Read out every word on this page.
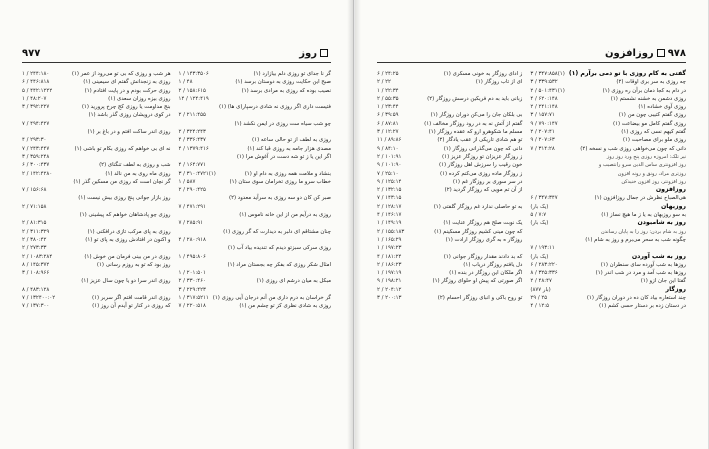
۹۷۷	روز
گر نا جدای تو روزی دلم بیازارد (۱)
۱ / ۱۴۳:۳۵۰۶
صبح این حکایت روزی به دوستان برسد (۱)
۱ / ۴۸
نصیب بوده که روزی به مرادی برسد (۱)
۲ / ۱۵۸:۶۱۵
۱۴ / ۱۲۴:۴۱۹
فتیست داری اگر روزی نه شادی درسپار(ی ها) (۱)
۲ / ۲۱۱:۴۵۵
چو شب سیاه ست روزی در ایمن نکشد (۱)
۲ / ۳۲۴:۲۴۳
روزی به لطف از تو حالی ساعه (۱)
۴ / ۳۳۶:۴۳۷
مصدی هزار جامه به روزی قبا کند (۱)
۴ / ۱۳۷۹:۴۱۶
اگر این یا ز تو شه دست در آغوش مرا (۱)
۴ / ۱۶۴:۷۷۱
بنشاد و ملامت همه روزی به دام او (۱)
۳ / ۳۱۰:۴۷۲۱(۱)
خطاب سرو ما روزی تخرامان سوی ستان (۱)
۱ / ۵۸۷
۲ / ۲۹۰:۴۲۵
صبر کن کان دو سه روزی به سرآید معدود (۲)
۷ / ۴۷۱:۲۹۱
روزی به درآیم من از این خانه ناموس (۱)
۷ / ۲۸۵:۹۱
چنان مشتاقم ای دلبر به دیدارت که گر روزی (۱)
۴ / ۲۸۰:۹۱۸
روزی سرکی سبزتو دیدم که تندیده بیاد آب (۱)
۱ / ۴۹۵:۸۰۶
امثال شکر روزی که بفکر چه بجستان مراد (۱)
۱ / ۲۰۱:۵۰۱
مبکل به میان درشم ای روزی (۱)
۲ / ۳۳۰:۴۶۰
۳ / ۲۲۹:۴۲۳
گر خراسان به درم داری من آنم درجان آیی روزی (۱)
۱ / ۳۱۷:۵۲۱۱
روزی به شادی نظری کز تو چشم من (۱)
۷ / ۲۲۰:۵۱۸
هر شب و روزی که بی تو می‌رود از عمر (۱)
۱ / ۲۴۴:۱۸۰
روزی به زنجدانش گفتم ای سیمینی (۱)
۶ / ۴۴۶:۸۱۸
روزی حرکت بودم و در پایت افتادم (۱)
۵ / ۴۴۲:۱۲۲۲
روزی بیزه روزان سعدی (۱)
۱ / ۴۸:۲۰۷
بنج مداومت یا روزی کج چرخ پرورید (۱)
۳ / ۳۹۲:۲۲۷
در کوی درویشان روزی گذر باشد (۱)
۷ / ۴۹۴:۴۲۷
روزی اندر ساکت افتم و در باغ بر (۱)
۴ / ۲۹۳:۳۰
نه ای بی خواهم که روزی بکام تو باشی (۱)
۷ / ۲۴۳:۴۴۷
۳ / ۳۵۹:۲۴۸
شب و روزی به لطف تنگنای (۲)
۶ / ۳۰۰:۴۳۷
روزی ماه روی به من نالد (۱)
۲ / ۱۴۲:۴۲۸۰
گر نچان است که روزی من مسکین گذر (۱)
۷ / ۱۵۶:۶۸
روز بازار جوانی پنج روزی بیش نیست (۱)
۲ / ۷۱:۱۵۸
روزی چو پادشاهان خواهم که پیشینی (۱)
۲ / ۸۱:۳۱۵
روزی به پای مرکب تازی درافکنی (۱)
۲ / ۳۱۱:۳۲۹
و اکنون در افتادش روزی به پای تو (۱)
۲ / ۳۸۰:۴۲
۲ / ۲۷۳:۳۳
روزی در من بینی فرمان من خوش (۱)
۲ / ۱۰۸۳:۲۸۴
روز بود که تو به روزم رسانی (۱)
۸ / ۱۴۵:۳۷۲
۳ / ۱۰۸:۹۶۶
روزی اندر سرا دو یا چون سال عزیز (۱)
۸ / ۴۸۳:۱۲۸
روزی اندر قامت افتم اگر سربر (۱)
۷ / ۱۳۲۴۰۰:۰۲
که روزی در کنار تو آیدم آن روز (۱)
۷ / ۱۳۷:۳۰۰
۹۷۸روزافزون
گفتی به کام روزی با تو دمی برآرم (۱)
۳ / ۳۴۷:۸۵۸(۱)
چه روزی به سر بری اوقات (۲)
۳ / ۳۳۹:۵۳۲
در دام به کجا دمان برآن ره روزی (۱)
۲ / ۵۰۱:۴۳۱(۱)
روزی دشمن به خشنه نشستم (۱)
۴ / ۶۲۰:۱۴۸
روزی آوی خشاده (۱)
۲ / ۲۴۱:۱۴۸
روزی گفتم کتیبی چون من (۱)
۳ / ۱۵۷:۷۱
روزی گفتم کامل مو بیضاعت (۱)
۹ / ۷۹۰:۱۴۷
گفتم کیهم نسی که روزی (۱)
۲ / ۲۰۷:۴۱
روزی ملو برای مصاحبت (۱)
۹ / ۲۰۷:۶۳
دانی که چون می‌خواهی روزی شب و نسخه (۲)
۷ / ۳۱۴:۲۸
نیر تلک: امروزه روزی پنج ورد روز روز
روز افزونتری ساس الدین سرو رانتصیب و
روزتری مراد، رونق و رونه افزون
روز افزونتر، روز افزون خنیدکن
روزافزون
هی‌الصباح نظرش در جمال روزافزون (۱)
۶ / ۳۴۷:۳۴۷
روزبهان
(یک بار)
به سو روزبهان به یا ز ما هیچ نساز (۱)
۵ / ۷:۷
روز به شامبودن
(یک بار)
روز به شام بردن: روز را به پایان رساندن
چگونه شب به سحر می‌برم و روز به شام (۱)
۷ / ۱۹۳:۱۱
روز به شب آوردن
(یک بار)
روزها به شب آورده سای سنطران (۱)
۶ / ۲۸۳:۲۲۰
روزها به شب آمد و مرد در شب اندر (۱)
۸ / ۳۲۵:۳۳۶
گفتا این جان ازو (۱)
۲ / ۴۸:۴۷
روزگار
(۸۷۷ بار)
چند استعاره بیاد کان ده در دوران روزگار (۱)
۲۹ / ۲۵
در دستان زده بر دستار حسی کشم (۱)
۴ / ۱۲:۵
ز ادای روزگار به خونی مسکری (۱)
۶ / ۲۴:۲۵
ای از تاب روزگار (۱)
۲ / ۲۲
۱ / ۲۲:۳۴
زبانی باید به دم فریکین درسش روزگار (۲)
۲ / ۵۵:۳۵
۱ / ۲۳:۴۴
بی بلکان جان را می‌کن دوران روزگار (۱)
۶ / ۳۹:۵۹
گفتم از آتش نه به در رود روزگار مخالف (۱)
۶ / ۸۷:۸۱
مسلم ما شکوهرو ارو که عقده روزگار (۱)
۳ / ۱۲:۲۷
تو هم شادی تاریکی از عقب یادگار (۲)
۱۱ / ۸۹:۸۶
دانی که چون می‌گذرانی روزگار (۱)
۹ / ۸۴:۱۰
ز روزگار عزیزان تو روزگار عزیز (۱)
۲ / ۱۰۱:۹۱
خون رقیب را سرزش اهل روزگار (۱)
۹ / ۱۰۱:۹۰
ز روزگار ماده روزی می‌کنم کرده (۱)
۷ / ۲۵:۱۰
در سر سوری بر روزگار غم (۱)
۹ / ۱۲۵:۱۴
از آن تم مویی که روزگار گردید (۲)
۲ / ۱۳۲:۱۵
۷ / ۱۴۳:۱۵
به تو حاصلی ندارد غم روزگار گلفتی (۱)
۲ / ۱۲۸:۱۷
۴ / ۱۴۶:۱۷
یک نوبت صلح هم روزگار عنایت (۱)
۱ / ۱۴۹:۱۹
که چون مینی کشیم روزگار مسکینم (۱)
۲ / ۱۵۵:۱۸۳
روزگار ه به گری روزگار ارادت (۱)
۱ / ۱۶۵:۲۹
۱ / ۱۹۷:۲۳
که بد دادند مقدار روزگار جوانی (۱)
۴ / ۱۸۱:۲۴
دل یافتم روزگار دریاب (۱)
۲ / ۱۸۶:۲۳
اگر ملکان این روزگار در بنده (۱)
۱ / ۱۹۷:۱۹
اگر صورتی که پیش او حلوای روزگار (۱)
۹ / ۱۹۸:۲۱
۲ / ۲۰۴:۱۲
تو روح باکی و انبای روزگار احسام (۲)
۳ / ۲۰۰:۱۳
